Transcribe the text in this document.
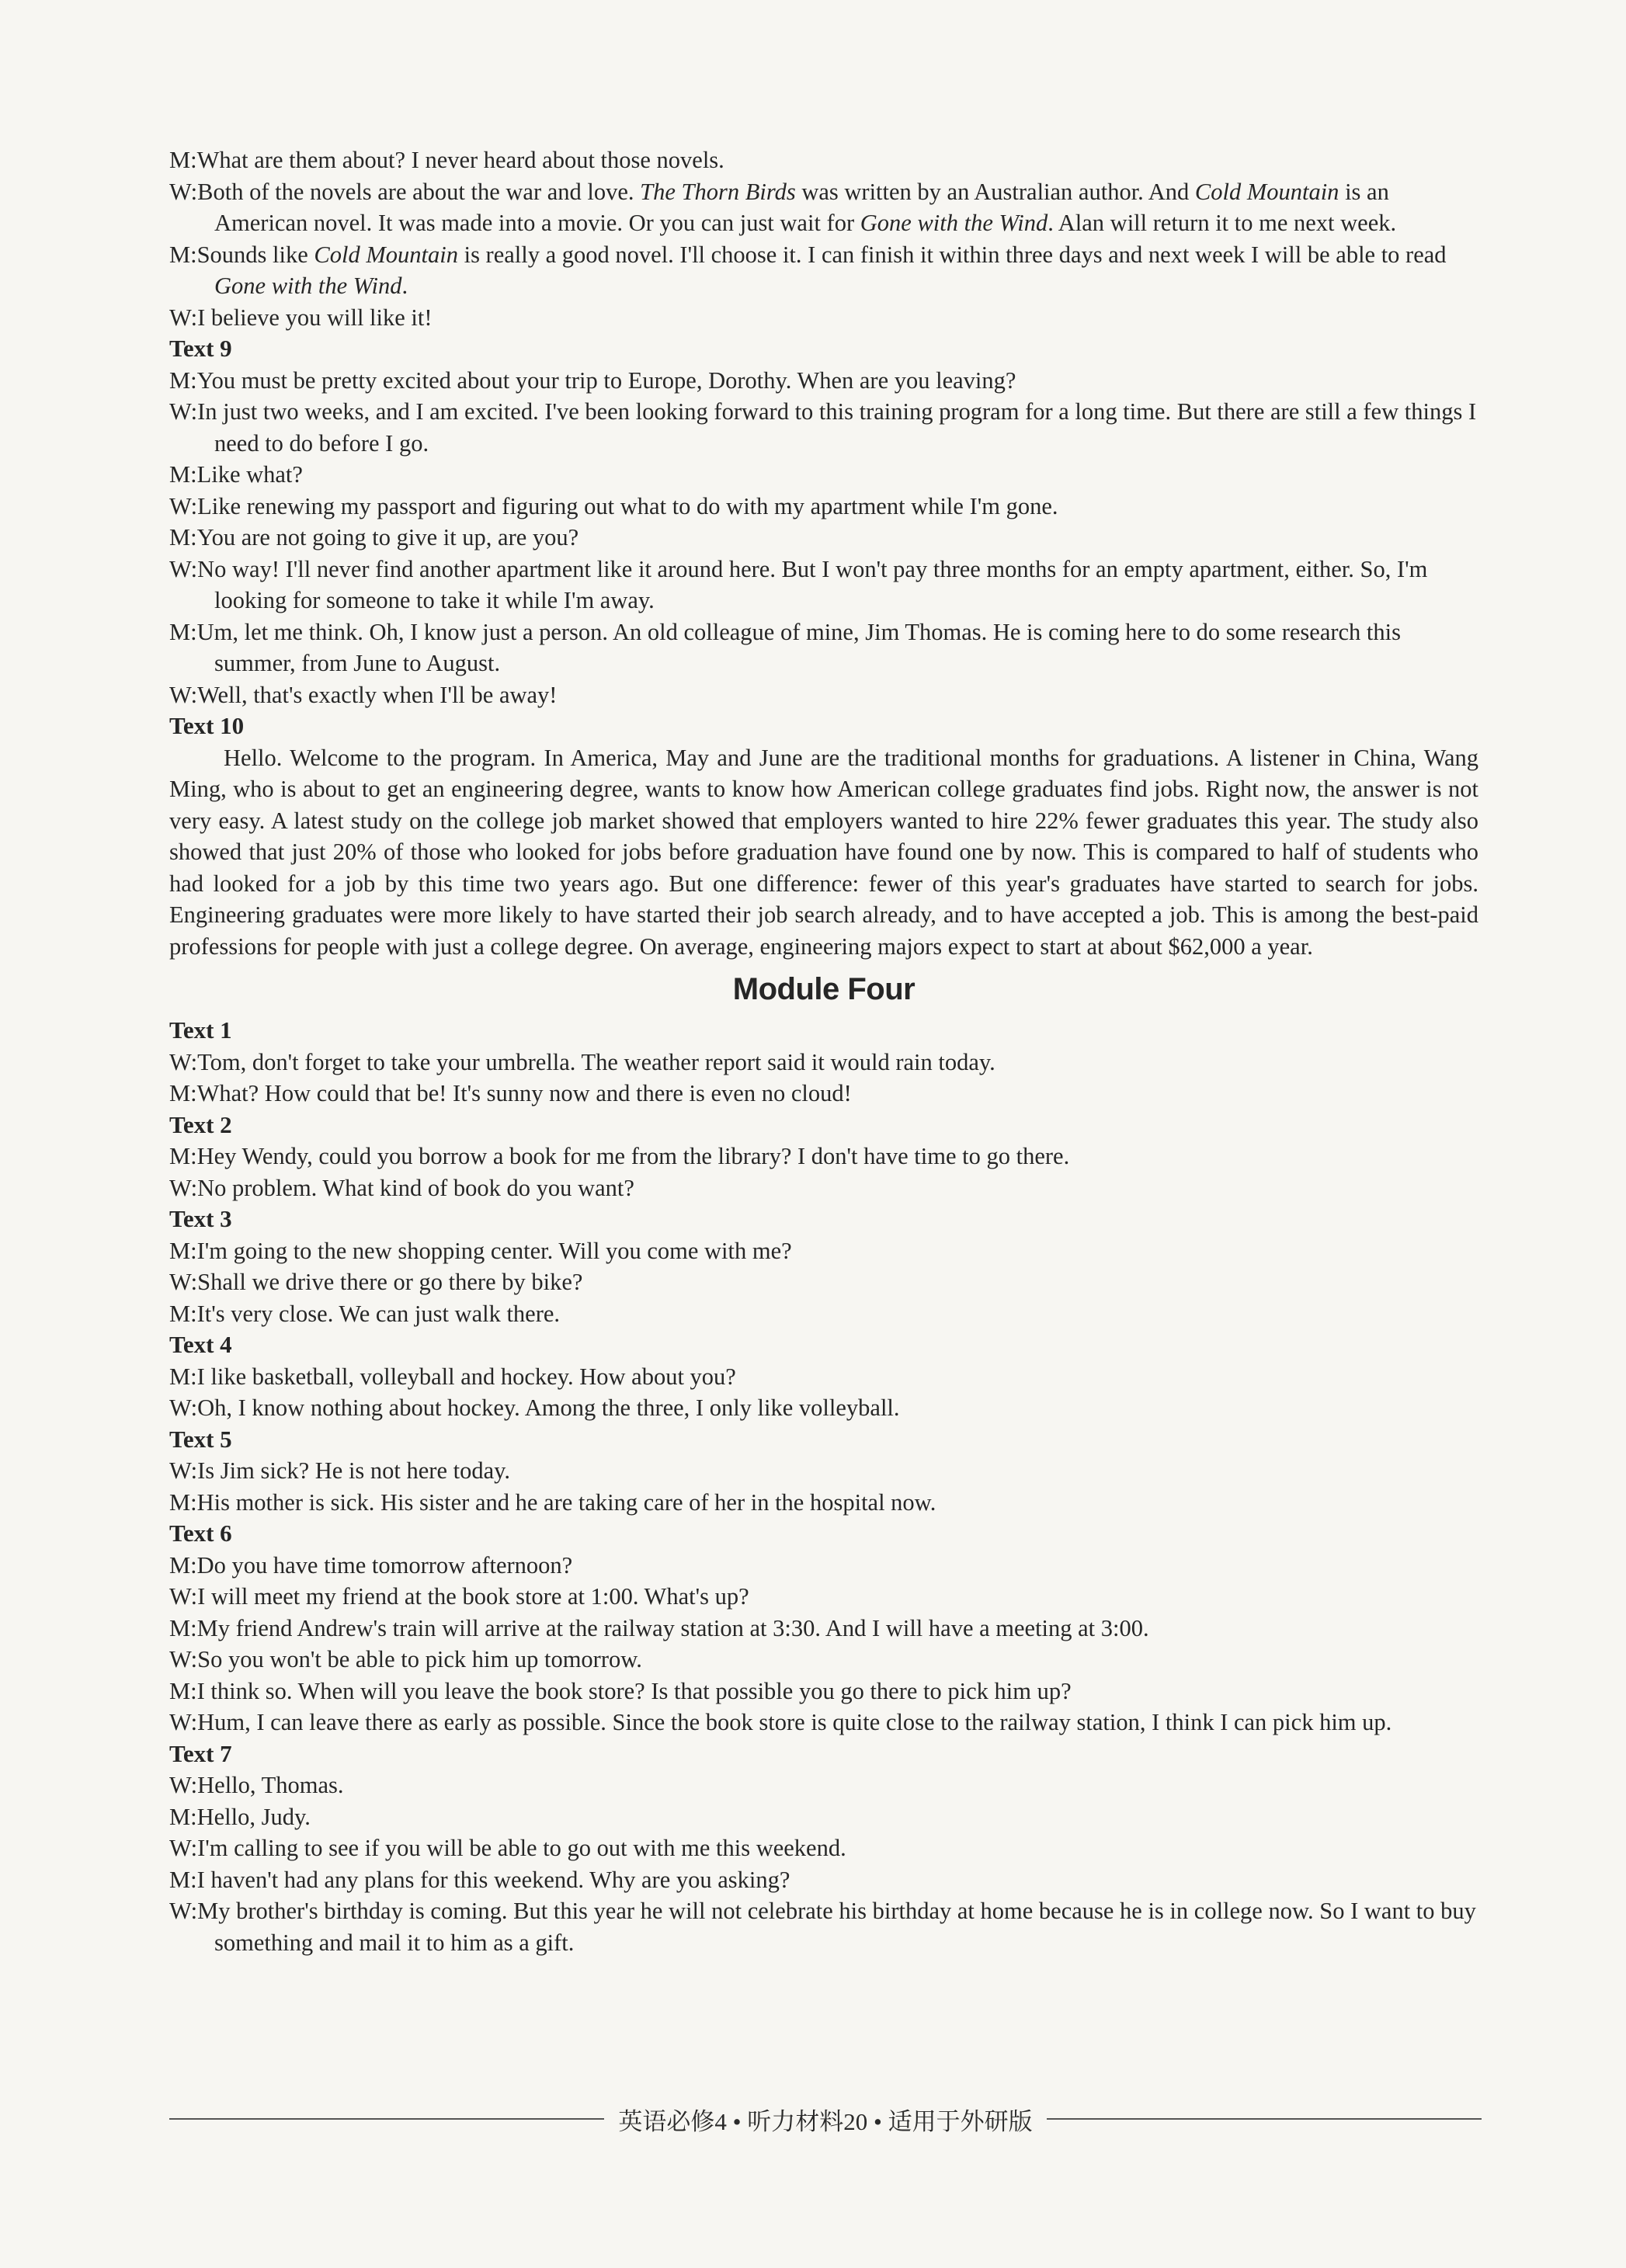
M:What are them about? I never heard about those novels.

W:Both of the novels are about the war and love. The Thorn Birds was written by an Australian author. And Cold Mountain is an American novel. It was made into a movie. Or you can just wait for Gone with the Wind. Alan will return it to me next week.

M:Sounds like Cold Mountain is really a good novel. I'll choose it. I can finish it within three days and next week I will be able to read Gone with the Wind.

W:I believe you will like it!

Text 9

M:You must be pretty excited about your trip to Europe, Dorothy. When are you leaving?

W:In just two weeks, and I am excited. I've been looking forward to this training program for a long time. But there are still a few things I need to do before I go.

M:Like what?

W:Like renewing my passport and figuring out what to do with my apartment while I'm gone.

M:You are not going to give it up, are you?

W:No way! I'll never find another apartment like it around here. But I won't pay three months for an empty apartment, either. So, I'm looking for someone to take it while I'm away.

M:Um, let me think. Oh, I know just a person. An old colleague of mine, Jim Thomas. He is coming here to do some research this summer, from June to August.

W:Well, that's exactly when I'll be away!

Text 10

Hello. Welcome to the program. In America, May and June are the traditional months for graduations. A listener in China, Wang Ming, who is about to get an engineering degree, wants to know how American college graduates find jobs. Right now, the answer is not very easy. A latest study on the college job market showed that employers wanted to hire 22% fewer graduates this year. The study also showed that just 20% of those who looked for jobs before graduation have found one by now. This is compared to half of students who had looked for a job by this time two years ago. But one difference: fewer of this year's graduates have started to search for jobs. Engineering graduates were more likely to have started their job search already, and to have accepted a job. This is among the best-paid professions for people with just a college degree. On average, engineering majors expect to start at about $62,000 a year.

Module Four

Text 1

W:Tom, don't forget to take your umbrella. The weather report said it would rain today.

M:What? How could that be! It's sunny now and there is even no cloud!

Text 2

M:Hey Wendy, could you borrow a book for me from the library? I don't have time to go there.

W:No problem. What kind of book do you want?

Text 3

M:I'm going to the new shopping center. Will you come with me?

W:Shall we drive there or go there by bike?

M:It's very close. We can just walk there.

Text 4

M:I like basketball, volleyball and hockey. How about you?

W:Oh, I know nothing about hockey. Among the three, I only like volleyball.

Text 5

W:Is Jim sick? He is not here today.

M:His mother is sick. His sister and he are taking care of her in the hospital now.

Text 6

M:Do you have time tomorrow afternoon?

W:I will meet my friend at the book store at 1:00. What's up?

M:My friend Andrew's train will arrive at the railway station at 3:30. And I will have a meeting at 3:00.

W:So you won't be able to pick him up tomorrow.

M:I think so. When will you leave the book store? Is that possible you go there to pick him up?

W:Hum, I can leave there as early as possible. Since the book store is quite close to the railway station, I think I can pick him up.

Text 7

W:Hello, Thomas.

M:Hello, Judy.

W:I'm calling to see if you will be able to go out with me this weekend.

M:I haven't had any plans for this weekend. Why are you asking?

W:My brother's birthday is coming. But this year he will not celebrate his birthday at home because he is in college now. So I want to buy something and mail it to him as a gift.

英语必修4 • 听力材料20 • 适用于外研版
